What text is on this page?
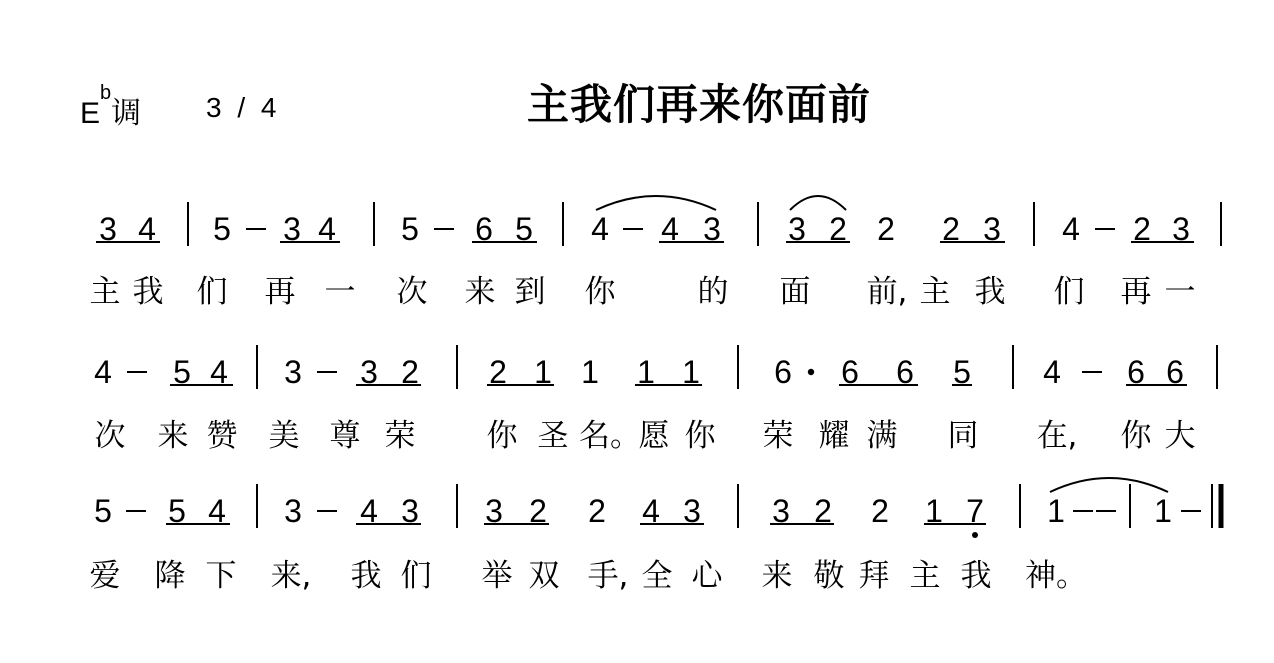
$E^b$调 3 / 4	主我们再来你面前
3 4 5 3 4 5 6 5 4 4 3 3 2 2 2 3 4 2 3
主 我 们 再 一 次 来 到 你	的 面 前, 主 我 们 再 一
4 5 4 3 3 2 2 1 1 1 1 6 6 6 5 4 6 6
次 来 赞 美 尊 荣 你 圣 名。
愿 你 荣 耀 满 同 在, 你 大
5 5 4 3 4 3 3 2 2 4 3 3 2 2 1 7 1	1
爱 降 下 来, 我 们 举 双 手, 全 心 来 敬 拜 主 我 神。
